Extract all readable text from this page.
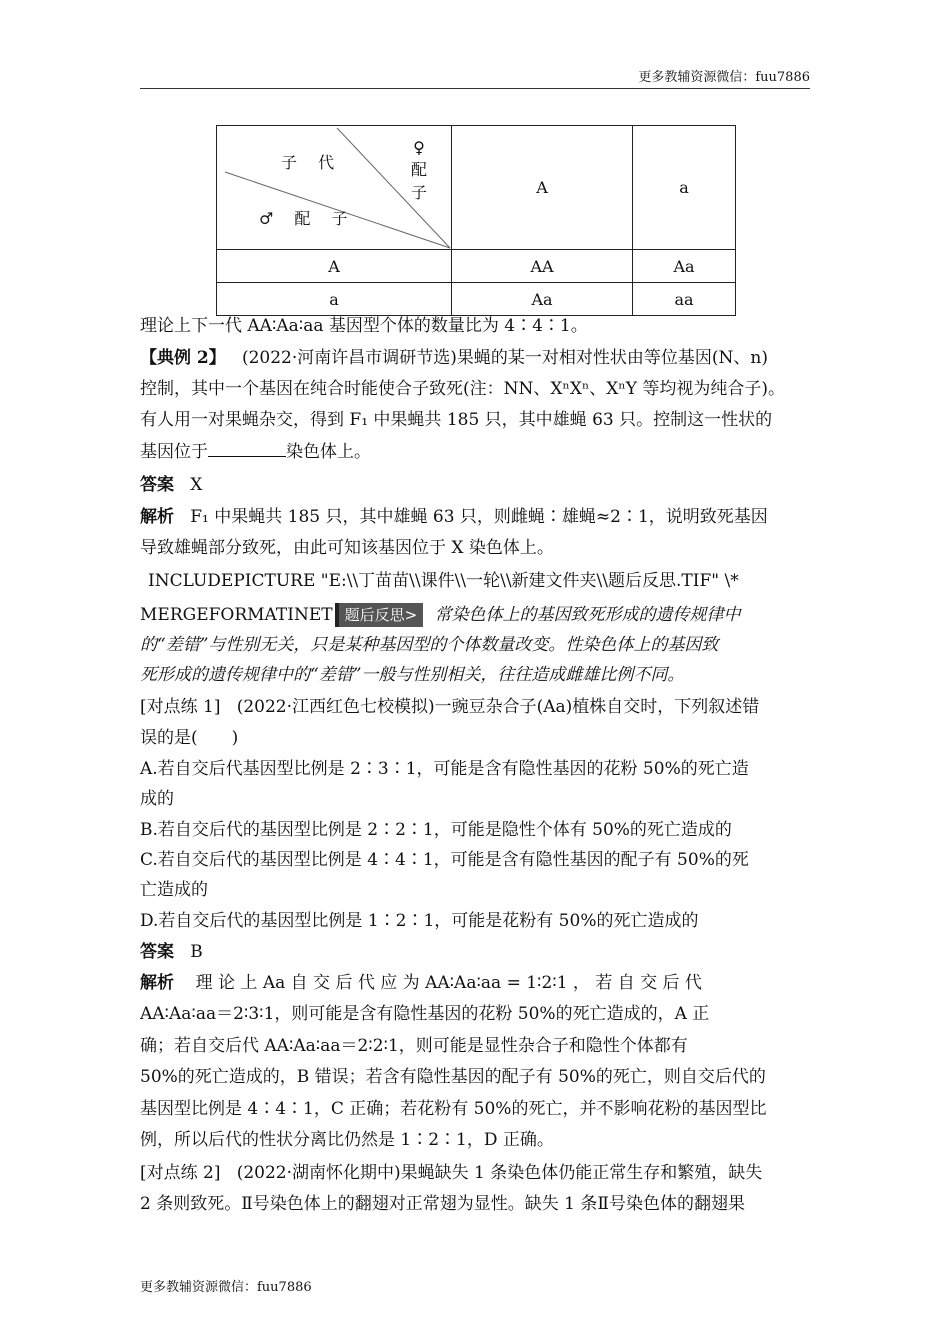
更多教辅资源微信：fuu7886
♀ 配 子
子 代
♂ 配 子	A	a
A	AA	Aa
a	Aa	aa
理论上下一代 AA∶Aa∶aa 基因型个体的数量比为 4∶4∶1。
【典例 2】 (2022·河南许昌市调研节选)果蝇的某一对相对性状由等位基因(N、n)
控制，其中一个基因在纯合时能使合子致死(注：NN、XⁿXⁿ、XⁿY 等均视为纯合子)。
有人用一对果蝇杂交，得到 F₁ 中果蝇共 185 只，其中雄蝇 63 只。控制这一性状的
基因位于	染色体上。
答案 X
解析 F₁ 中果蝇共 185 只，其中雄蝇 63 只，则雌蝇∶雄蝇≈2∶1，说明致死基因
导致雄蝇部分致死，由此可知该基因位于 X 染色体上。
INCLUDEPICTURE "E:\\丁苗苗\\课件\\一轮\\新建文件夹\\题后反思.TIF" \*
MERGEFORMATINET 题后反思> 常染色体上的基因致死形成的遗传规律中
的“差错”与性别无关，只是某种基因型的个体数量改变。性染色体上的基因致
死形成的遗传规律中的“差错”一般与性别相关，往往造成雌雄比例不同。
[对点练 1] (2022·江西红色七校模拟)一豌豆杂合子(Aa)植株自交时，下列叙述错
误的是(　　)
A.若自交后代基因型比例是 2∶3∶1，可能是含有隐性基因的花粉 50%的死亡造
成的
B.若自交后代的基因型比例是 2∶2∶1，可能是隐性个体有 50%的死亡造成的
C.若自交后代的基因型比例是 4∶4∶1，可能是含有隐性基因的配子有 50%的死
亡造成的
D.若自交后代的基因型比例是 1∶2∶1，可能是花粉有 50%的死亡造成的
答案 B
解析 理 论 上 Aa 自 交 后 代 应 为 AA∶Aa∶aa = 1∶2∶1 ， 若 自 交 后 代
AA∶Aa∶aa＝2∶3∶1，则可能是含有隐性基因的花粉 50%的死亡造成的，A 正
确；若自交后代 AA∶Aa∶aa＝2∶2∶1，则可能是显性杂合子和隐性个体都有
50%的死亡造成的，B 错误；若含有隐性基因的配子有 50%的死亡，则自交后代的
基因型比例是 4∶4∶1，C 正确；若花粉有 50%的死亡，并不影响花粉的基因型比
例，所以后代的性状分离比仍然是 1∶2∶1，D 正确。
[对点练 2] (2022·湖南怀化期中)果蝇缺失 1 条染色体仍能正常生存和繁殖，缺失
2 条则致死。Ⅱ号染色体上的翻翅对正常翅为显性。缺失 1 条Ⅱ号染色体的翻翅果
更多教辅资源微信：fuu7886
